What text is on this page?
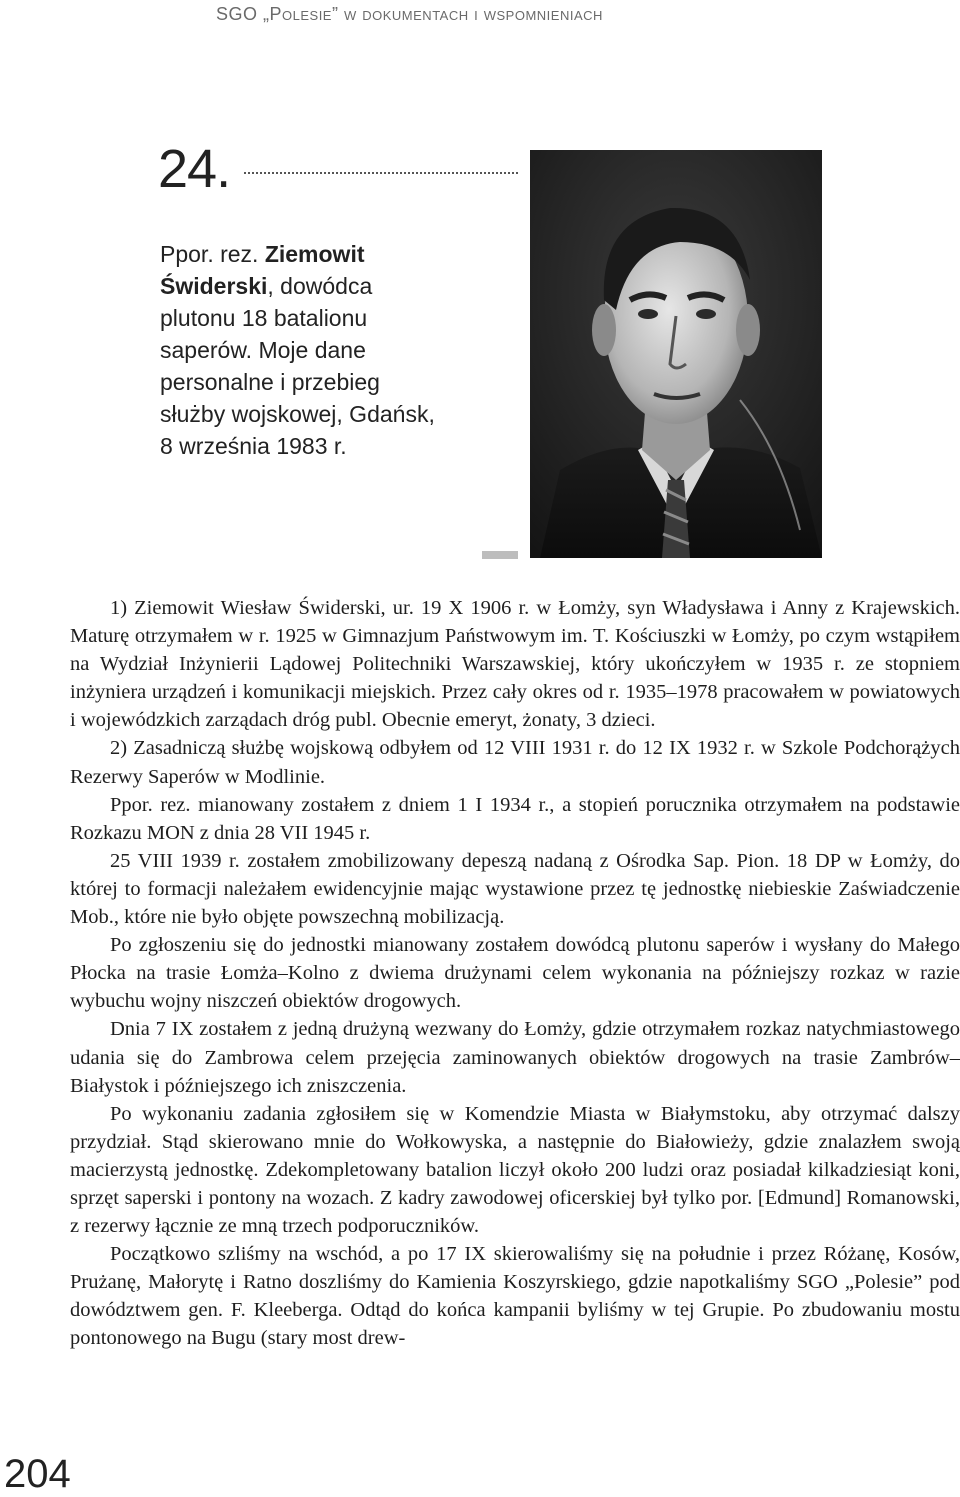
SGO „Polesie” w dokumentach i wspomnieniach
24.
Ppor. rez. Ziemowit Świderski, dowódca plutonu 18 batalionu saperów. Moje dane personalne i przebieg służby wojskowej, Gdańsk, 8 września 1983 r.

1) Ziemowit Wiesław Świderski, ur. 19 X 1906 r. w Łomży, syn Władysława i Anny z Krajewskich. Maturę otrzymałem w r. 1925 w Gimnazjum Państwowym im. T. Kościuszki w Łomży, po czym wstąpiłem na Wydział Inżynierii Lądowej Politechniki Warszawskiej, który ukończyłem w 1935 r. ze stopniem inżyniera urządzeń i komunikacji miejskich. Przez cały okres od r. 1935–1978 pracowałem w powiatowych i wojewódzkich zarządach dróg publ. Obecnie emeryt, żonaty, 3 dzieci.

2) Zasadniczą służbę wojskową odbyłem od 12 VIII 1931 r. do 12 IX 1932 r. w Szkole Podchorążych Rezerwy Saperów w Modlinie.

Ppor. rez. mianowany zostałem z dniem 1 I 1934 r., a stopień porucznika otrzymałem na podstawie Rozkazu MON z dnia 28 VII 1945 r.

25 VIII 1939 r. zostałem zmobilizowany depeszą nadaną z Ośrodka Sap. Pion. 18 DP w Łomży, do której to formacji należałem ewidencyjnie mając wystawione przez tę jednostkę niebieskie Zaświadczenie Mob., które nie było objęte powszechną mobilizacją.

Po zgłoszeniu się do jednostki mianowany zostałem dowódcą plutonu saperów i wysłany do Małego Płocka na trasie Łomża–Kolno z dwiema drużynami celem wykonania na późniejszy rozkaz w razie wybuchu wojny niszczeń obiektów drogowych.

Dnia 7 IX zostałem z jedną drużyną wezwany do Łomży, gdzie otrzymałem rozkaz natychmiastowego udania się do Zambrowa celem przejęcia zaminowanych obiektów drogowych na trasie Zambrów–Białystok i późniejszego ich zniszczenia.

Po wykonaniu zadania zgłosiłem się w Komendzie Miasta w Białymstoku, aby otrzymać dalszy przydział. Stąd skierowano mnie do Wołkowyska, a następnie do Białowieży, gdzie znalazłem swoją macierzystą jednostkę. Zdekompletowany batalion liczył około 200 ludzi oraz posiadał kilkadziesiąt koni, sprzęt saperski i pontony na wozach. Z kadry zawodowej oficerskiej był tylko por. [Edmund] Romanowski, z rezerwy łącznie ze mną trzech podporuczników.

Początkowo szliśmy na wschód, a po 17 IX skierowaliśmy się na południe i przez Różanę, Kosów, Prużanę, Małorytę i Ratno doszliśmy do Kamienia Koszyrskiego, gdzie napotkaliśmy SGO „Polesie” pod dowództwem gen. F. Kleeberga. Odtąd do końca kampanii byliśmy w tej Grupie. Po zbudowaniu mostu pontonowego na Bugu (stary most drew-

204
